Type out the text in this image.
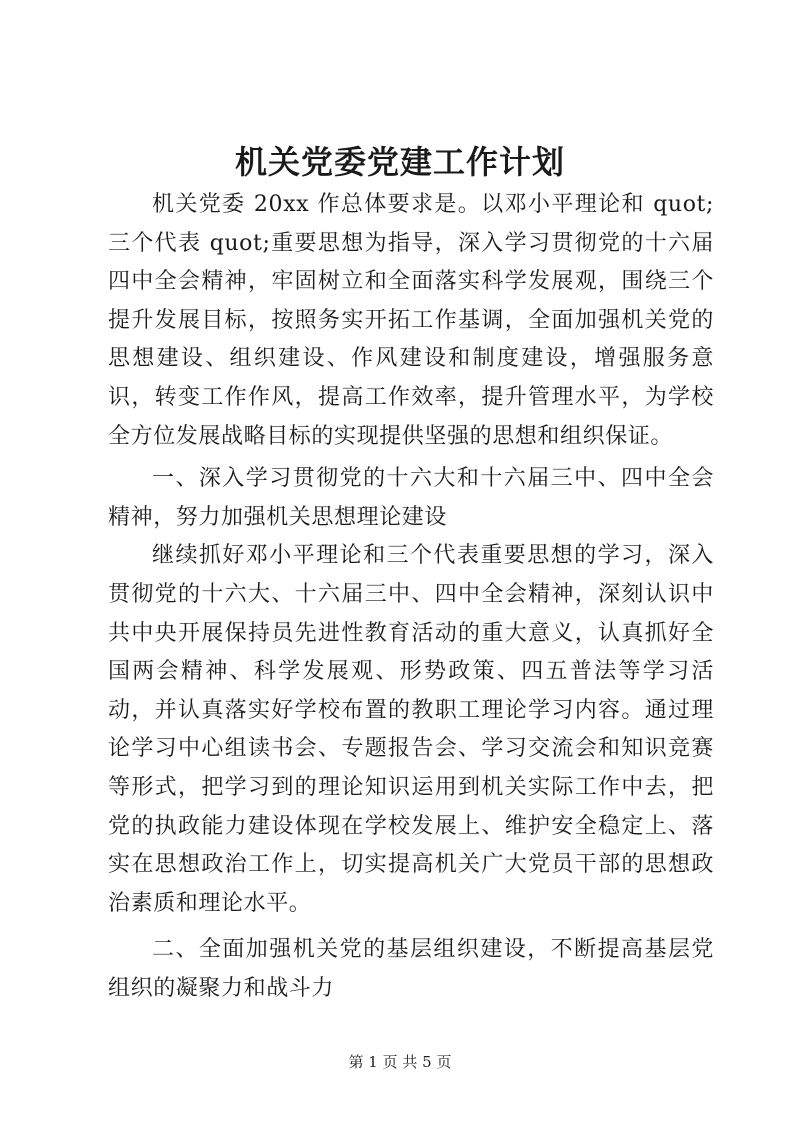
机关党委党建工作计划

机关党委 20xx 作总体要求是。以邓小平理论和 quot;三个代表 quot;重要思想为指导，深入学习贯彻党的十六届四中全会精神，牢固树立和全面落实科学发展观，围绕三个提升发展目标，按照务实开拓工作基调，全面加强机关党的思想建设、组织建设、作风建设和制度建设，增强服务意识，转变工作作风，提高工作效率，提升管理水平，为学校全方位发展战略目标的实现提供坚强的思想和组织保证。

一、深入学习贯彻党的十六大和十六届三中、四中全会精神，努力加强机关思想理论建设

继续抓好邓小平理论和三个代表重要思想的学习，深入贯彻党的十六大、十六届三中、四中全会精神，深刻认识中共中央开展保持员先进性教育活动的重大意义，认真抓好全国两会精神、科学发展观、形势政策、四五普法等学习活动，并认真落实好学校布置的教职工理论学习内容。通过理论学习中心组读书会、专题报告会、学习交流会和知识竞赛等形式，把学习到的理论知识运用到机关实际工作中去，把党的执政能力建设体现在学校发展上、维护安全稳定上、落实在思想政治工作上，切实提高机关广大党员干部的思想政治素质和理论水平。

二、全面加强机关党的基层组织建设，不断提高基层党组织的凝聚力和战斗力

第 1 页 共 5 页
